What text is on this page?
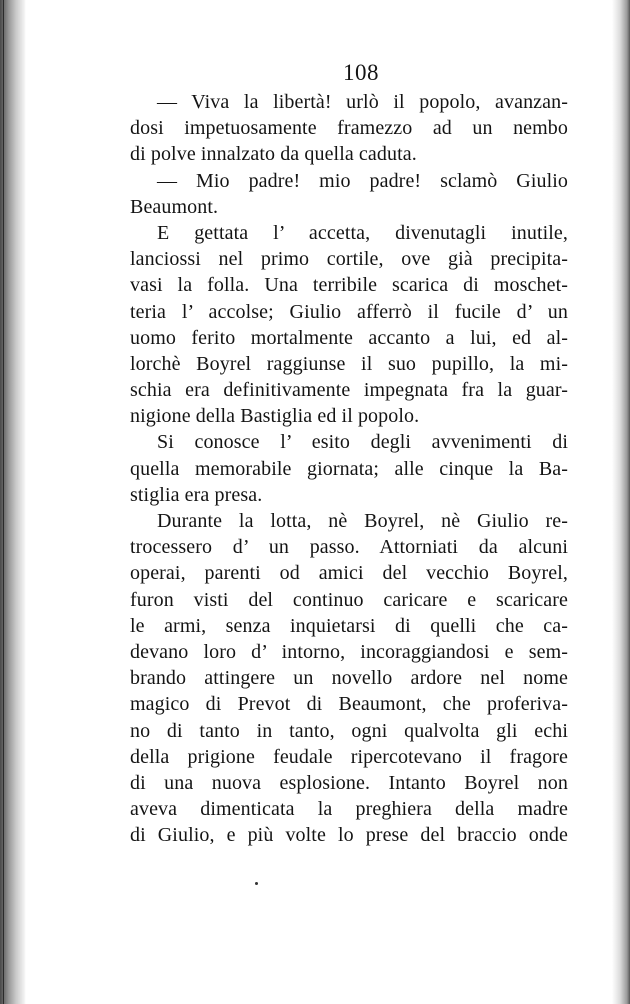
108

— Viva la libertà! urlò il popolo, avanzan-
dosi impetuosamente framezzo ad un nembo
di polve innalzato da quella caduta.
— Mio padre! mio padre! sclamò Giulio
Beaumont.
E gettata l’ accetta, divenutagli inutile,
lanciossi nel primo cortile, ove già precipita-
vasi la folla. Una terribile scarica di moschet-
teria l’ accolse; Giulio afferrò il fucile d’ un
uomo ferito mortalmente accanto a lui, ed al-
lorchè Boyrel raggiunse il suo pupillo, la mi-
schia era definitivamente impegnata fra la guar-
nigione della Bastiglia ed il popolo.
Si conosce l’ esito degli avvenimenti di
quella memorabile giornata; alle cinque la Ba-
stiglia era presa.
Durante la lotta, nè Boyrel, nè Giulio re-
trocessero d’ un passo. Attorniati da alcuni
operai, parenti od amici del vecchio Boyrel,
furon visti del continuo caricare e scaricare
le armi, senza inquietarsi di quelli che ca-
devano loro d’ intorno, incoraggiandosi e sem-
brando attingere un novello ardore nel nome
magico di Prevot di Beaumont, che proferiva-
no di tanto in tanto, ogni qualvolta gli echi
della prigione feudale ripercotevano il fragore
di una nuova esplosione. Intanto Boyrel non
aveva dimenticata la preghiera della madre
di Giulio, e più volte lo prese del braccio onde
